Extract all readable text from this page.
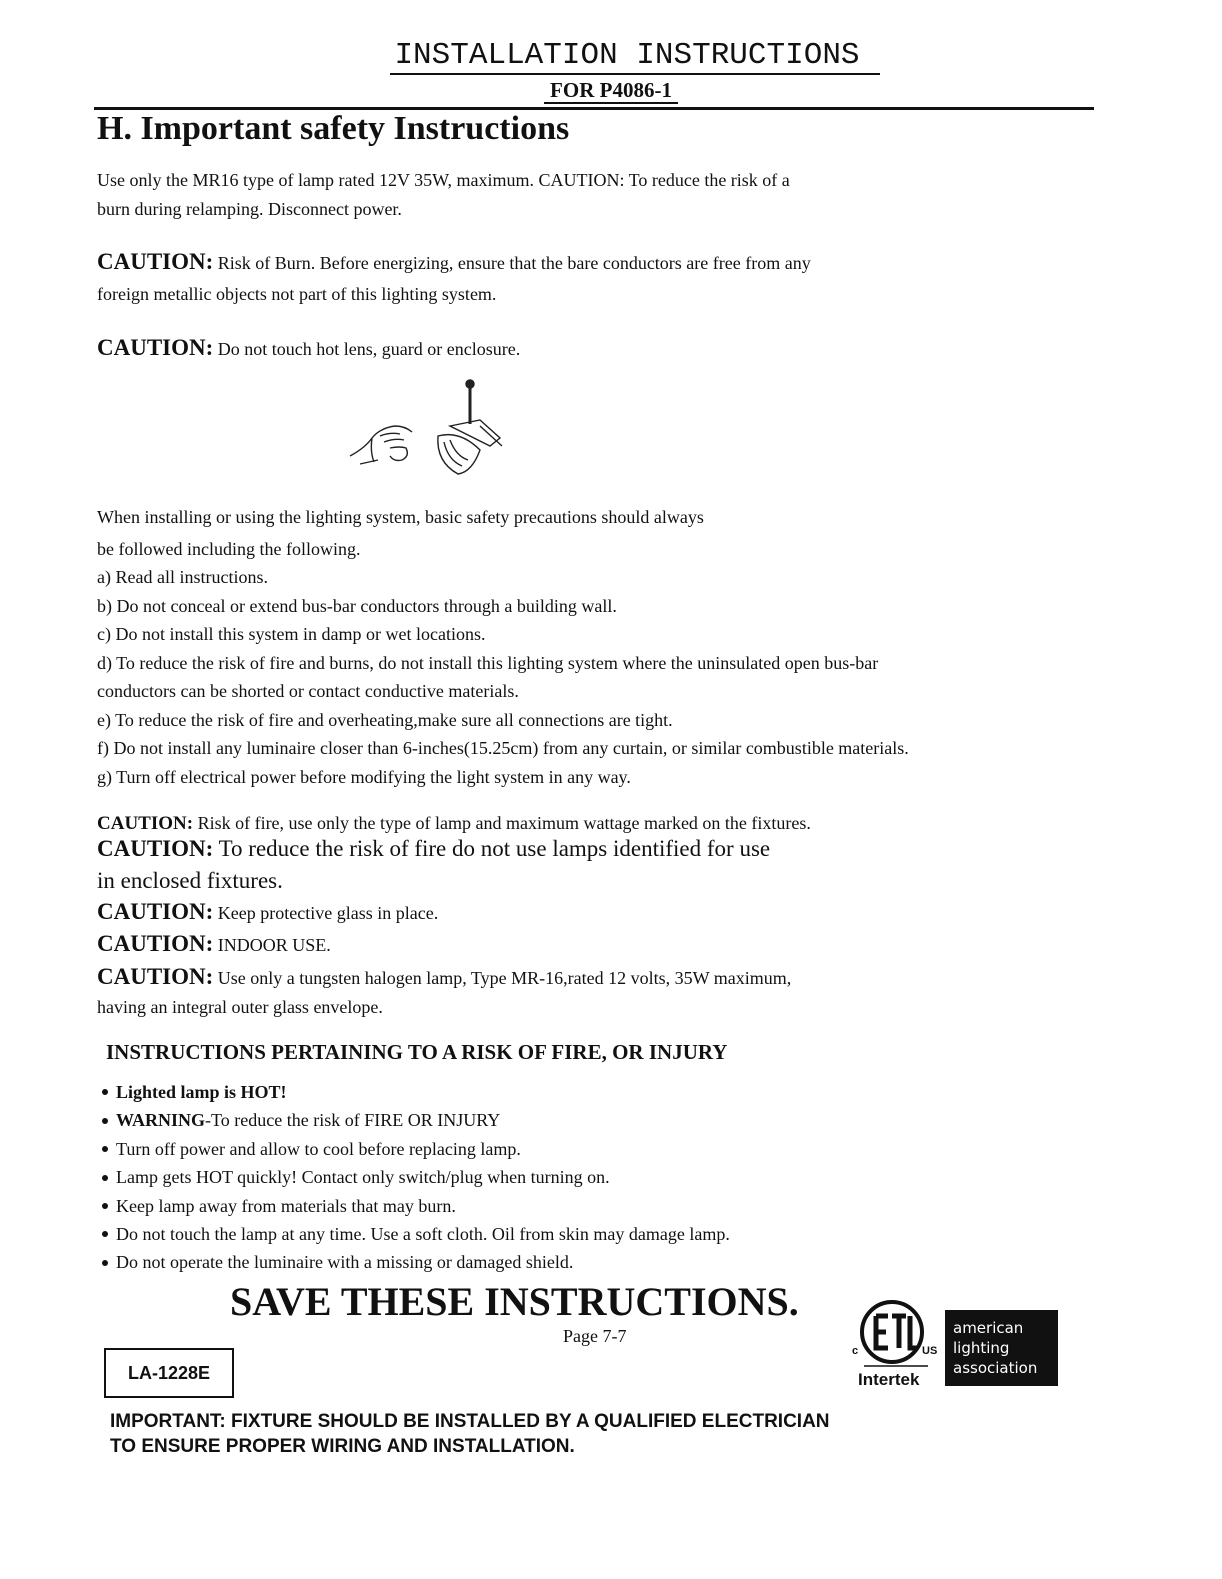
INSTALLATION INSTRUCTIONS
FOR P4086-1
H. Important safety Instructions
Use only the MR16 type of lamp rated 12V 35W, maximum. CAUTION: To reduce the risk of a
burn during relamping. Disconnect power.
CAUTION: Risk of Burn. Before energizing, ensure that the bare conductors are free from any
foreign metallic objects not part of this lighting system.
CAUTION: Do not touch hot lens, guard or enclosure.
When installing or using the lighting system, basic safety precautions should always
be followed including the following.
a) Read all instructions.
b) Do not conceal or extend bus-bar conductors through a building wall.
c) Do not install this system in damp or wet locations.
d) To reduce the risk of fire and burns, do not install this lighting system where the uninsulated open bus-bar
conductors can be shorted or contact conductive materials.
e) To reduce the risk of fire and overheating,make sure all connections are tight.
f) Do not install any luminaire closer than 6-inches(15.25cm) from any curtain, or similar combustible materials.
g) Turn off electrical power before modifying the light system in any way.
CAUTION: Risk of fire, use only the type of lamp and maximum wattage marked on the fixtures.
CAUTION: To reduce the risk of fire do not use lamps identified for use
in enclosed fixtures.
CAUTION: Keep protective glass in place.
CAUTION: INDOOR USE.
CAUTION: Use only a tungsten halogen lamp, Type MR-16,rated 12 volts, 35W maximum,
having an integral outer glass envelope.
INSTRUCTIONS PERTAINING TO A RISK OF FIRE, OR INJURY
Lighted lamp is HOT!
WARNING-To reduce the risk of FIRE OR INJURY
Turn off power and allow to cool before replacing lamp.
Lamp gets HOT quickly! Contact only switch/plug when turning on.
Keep lamp away from materials that may burn.
Do not touch the lamp at any time. Use a soft cloth. Oil from skin may damage lamp.
Do not operate the luminaire with a missing or damaged shield.
SAVE THESE INSTRUCTIONS.
Page 7-7
LA-1228E
c	US
Intertek
american
lighting
association
IMPORTANT: FIXTURE SHOULD BE INSTALLED BY A QUALIFIED ELECTRICIAN
TO ENSURE PROPER WIRING AND INSTALLATION.
